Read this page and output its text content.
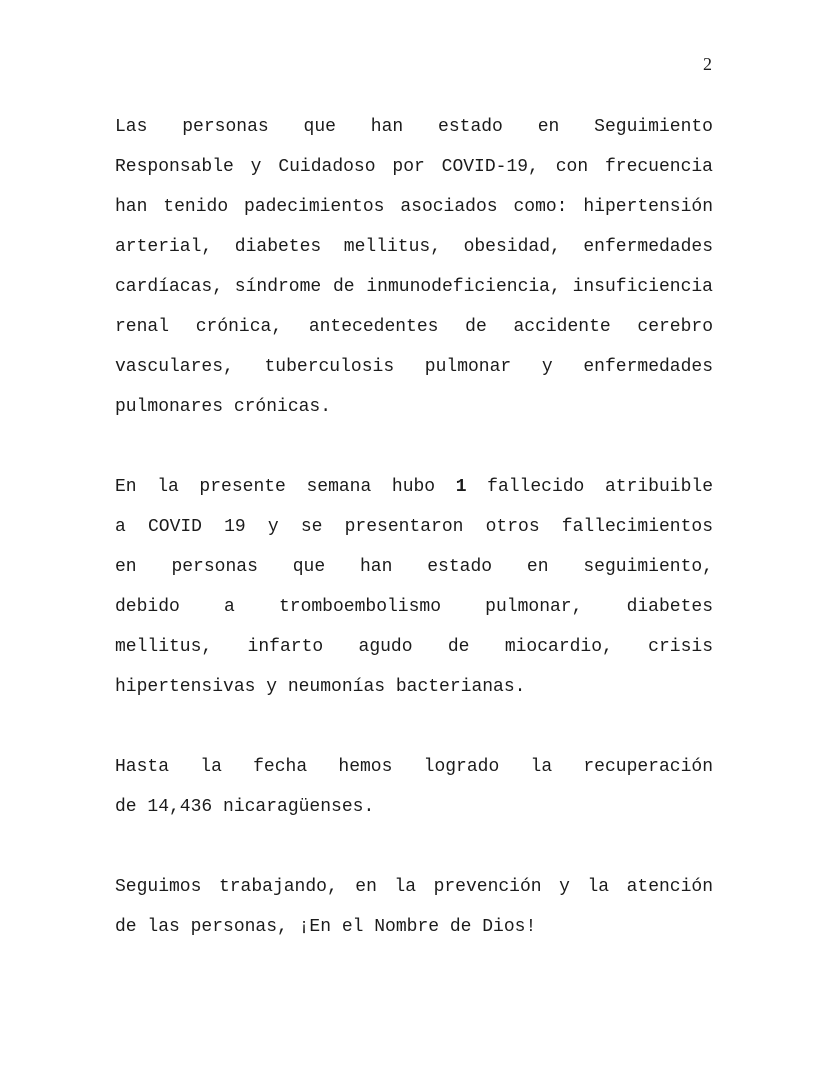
2
Las personas que han estado en Seguimiento
Responsable y Cuidadoso por COVID-19, con frecuencia
han tenido padecimientos asociados como: hipertensión
arterial, diabetes mellitus, obesidad, enfermedades
cardíacas, síndrome de inmunodeficiencia, insuficiencia
renal crónica, antecedentes de accidente cerebro
vasculares, tuberculosis pulmonar y enfermedades
pulmonares crónicas.
En la presente semana hubo 1 fallecido atribuible
a COVID 19 y se presentaron otros fallecimientos
en personas que han estado en seguimiento,
debido a tromboembolismo pulmonar, diabetes
mellitus, infarto agudo de miocardio, crisis
hipertensivas y neumonías bacterianas.
Hasta la fecha hemos logrado la recuperación
de 14,436 nicaragüenses.
Seguimos trabajando, en la prevención y la atención
de las personas, ¡En el Nombre de Dios!
